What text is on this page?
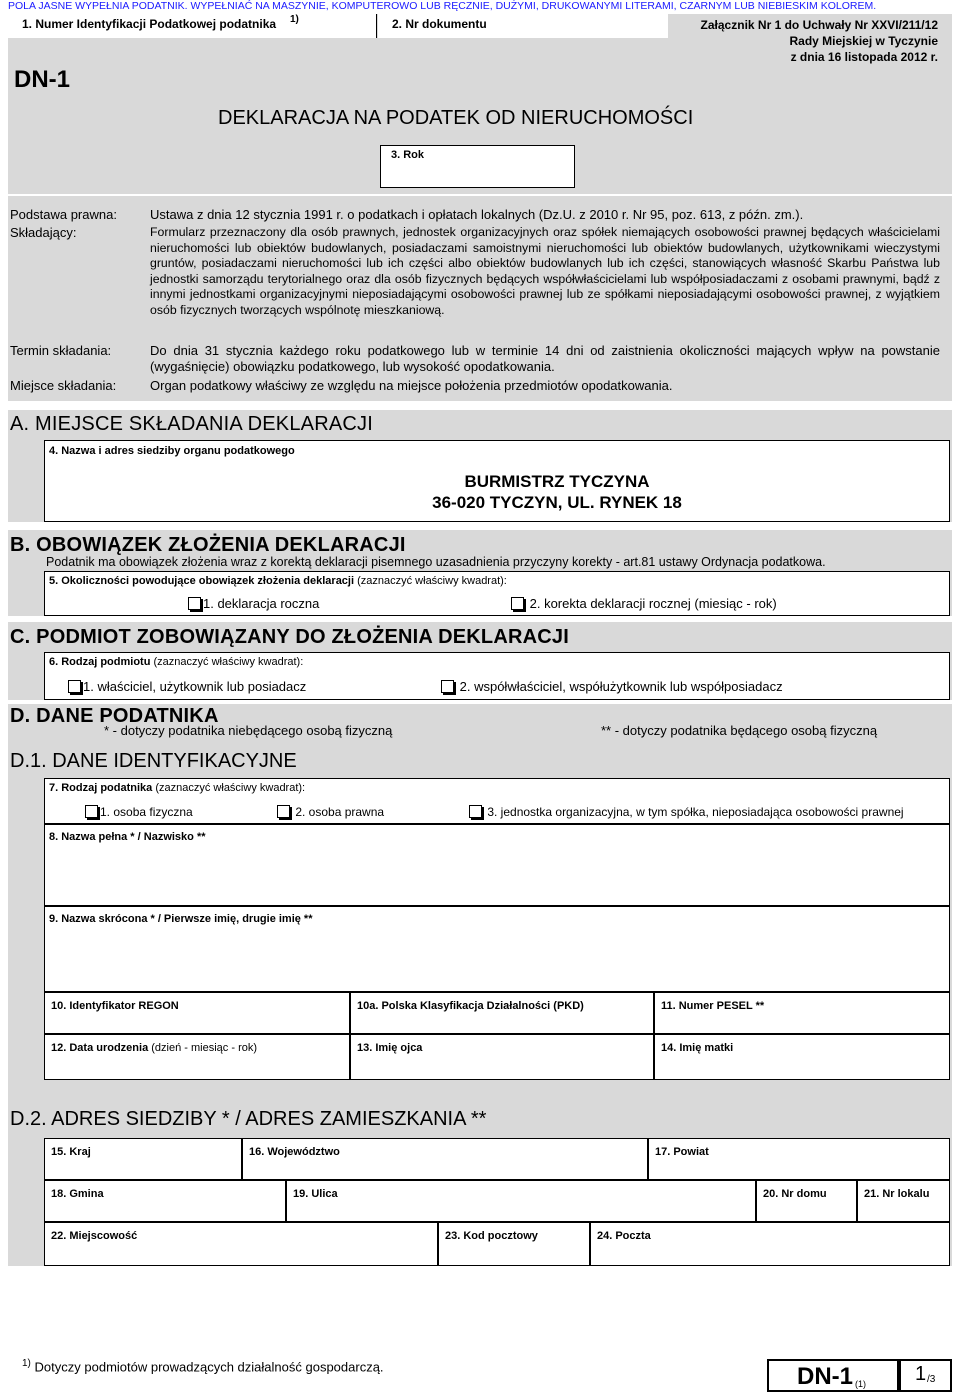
POLA JASNE WYPEŁNIA PODATNIK. WYPEŁNIAĆ NA MASZYNIE, KOMPUTEROWO LUB RĘCZNIE, DUŻYMI, DRUKOWANYMI LITERAMI, CZARNYM LUB NIEBIESKIM KOLOREM.
1. Numer Identyfikacji Podatkowej podatnika 1)	2. Nr dokumentu	Załącznik Nr 1 do Uchwały Nr XXVI/211/12
Rady Miejskiej w Tyczynie
z dnia 16 listopada 2012 r.
DN-1
DEKLARACJA NA PODATEK OD NIERUCHOMOŚCI
3. Rok
Podstawa prawna:	Ustawa z dnia 12 stycznia 1991 r. o podatkach i opłatach lokalnych (Dz.U. z 2010 r. Nr 95, poz. 613, z późn. zm.).
Składający:	Formularz przeznaczony dla osób prawnych, jednostek organizacyjnych oraz spółek niemających osobowości prawnej będących właścicielami nieruchomości lub obiektów budowlanych, posiadaczami samoistnymi nieruchomości lub obiektów budowlanych, użytkownikami wieczystymi gruntów, posiadaczami nieruchomości lub ich części albo obiektów budowlanych lub ich części, stanowiących własność Skarbu Państwa lub jednostki samorządu terytorialnego oraz dla osób fizycznych będących współwłaścicielami lub współposiadaczami z osobami prawnymi, bądź z innymi jednostkami organizacyjnymi nieposiadającymi osobowości prawnej lub ze spółkami nieposiadającymi osobowości prawnej, z wyjątkiem osób fizycznych tworzących wspólnotę mieszkaniową.
Termin składania:	Do dnia 31 stycznia każdego roku podatkowego lub w terminie 14 dni od zaistnienia okoliczności mających wpływ na powstanie (wygaśnięcie) obowiązku podatkowego, lub wysokość opodatkowania.
Miejsce składania:	Organ podatkowy właściwy ze względu na miejsce położenia przedmiotów opodatkowania.
A. MIEJSCE SKŁADANIA DEKLARACJI
4. Nazwa i adres siedziby organu podatkowego
BURMISTRZ TYCZYNA
36-020 TYCZYN, UL. RYNEK 18
B. OBOWIĄZEK ZŁOŻENIA DEKLARACJI
Podatnik ma obowiązek złożenia wraz z korektą deklaracji pisemnego uzasadnienia przyczyny korekty - art.81 ustawy Ordynacja podatkowa.
5. Okoliczności powodujące obowiązek złożenia deklaracji (zaznaczyć właściwy kwadrat):
1. deklaracja roczna	2. korekta deklaracji rocznej (miesiąc - rok)
C. PODMIOT ZOBOWIĄZANY DO ZŁOŻENIA DEKLARACJI
6. Rodzaj podmiotu (zaznaczyć właściwy kwadrat):
1. właściciel, użytkownik lub posiadacz	2. współwłaściciel, współużytkownik lub współposiadacz
D. DANE PODATNIKA
* - dotyczy podatnika niebędącego osobą fizyczną	** - dotyczy podatnika będącego osobą fizyczną
D.1. DANE IDENTYFIKACYJNE
7. Rodzaj podatnika (zaznaczyć właściwy kwadrat):
1. osoba fizyczna	2. osoba prawna	3. jednostka organizacyjna, w tym spółka, nieposiadająca osobowości prawnej
8. Nazwa pełna * / Nazwisko **
9. Nazwa skrócona * / Pierwsze imię, drugie imię **
10. Identyfikator REGON	10a. Polska Klasyfikacja Działalności (PKD)	11. Numer PESEL **
12. Data urodzenia (dzień - miesiąc - rok)	13. Imię ojca	14. Imię matki
D.2. ADRES SIEDZIBY * / ADRES ZAMIESZKANIA **
15. Kraj	16. Województwo	17. Powiat
18. Gmina	19. Ulica	20. Nr domu	21. Nr lokalu
22. Miejscowość	23. Kod pocztowy	24. Poczta
$^{1)}$ Dotyczy podmiotów prowadzących działalność gospodarczą.	DN-1 (1) 1 /3
